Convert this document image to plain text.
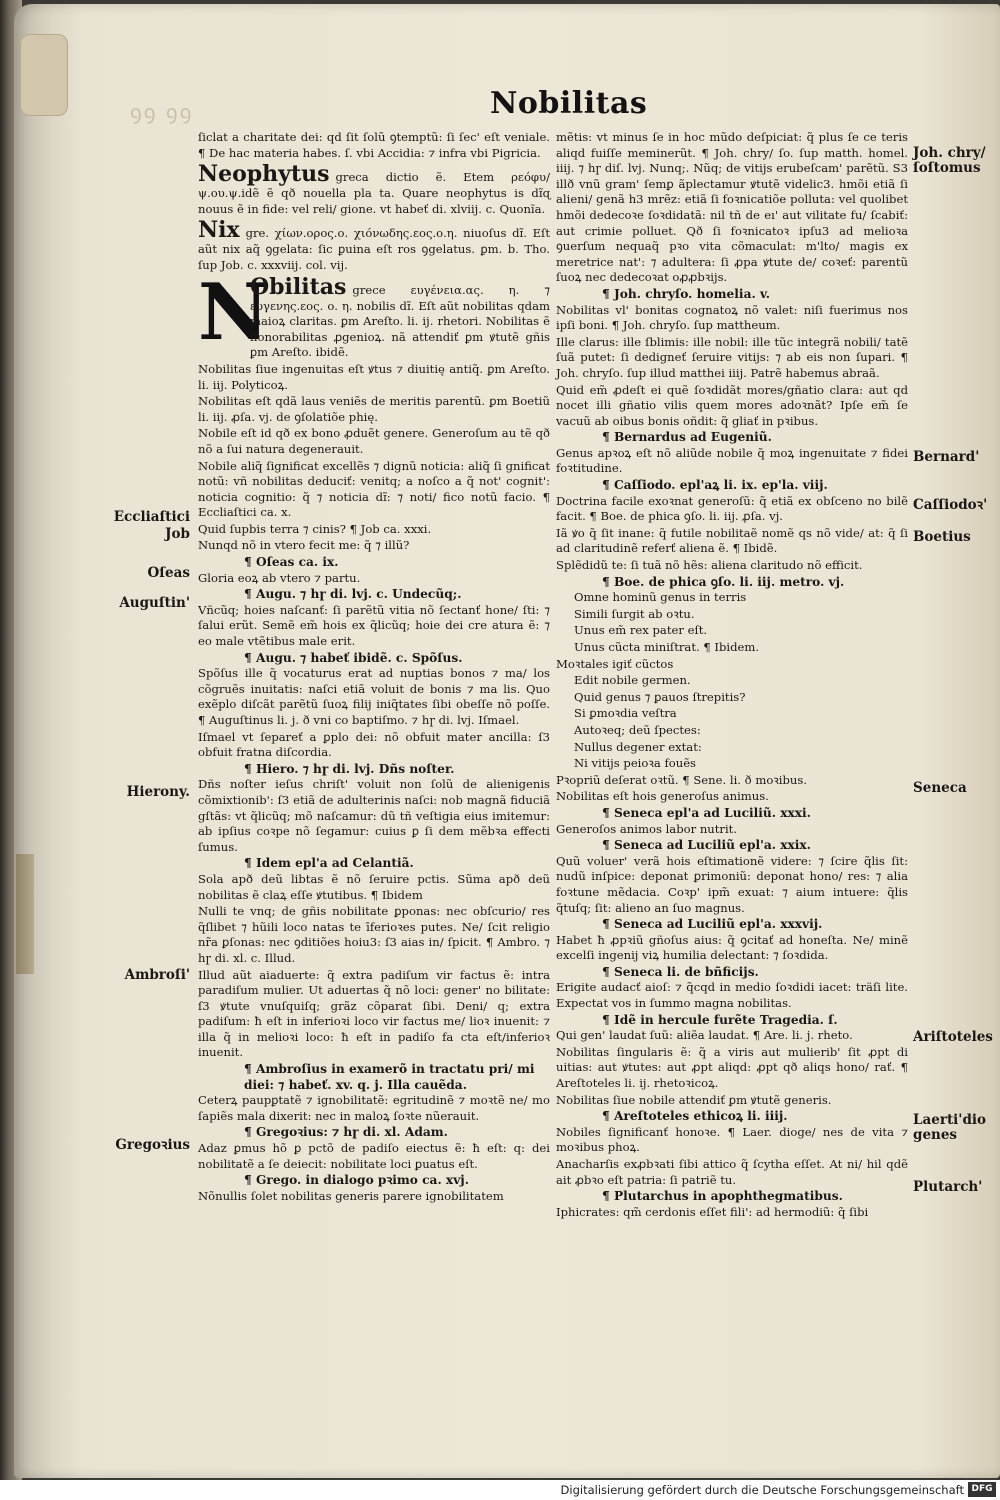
ꝯꝯ ꝯꝯ	Nobilitas
ſiclat a charitate dei: qd ſit ſolũ ꝯtemptũ: ſi ſec' eſt veniale. ¶ De hac materia habes. ſ. vbi Accidia: ⁊ infra vbi Pigricia.
Neophytus greca dictio ẽ. Etem ρεόφυ/ψ.ου.ψ.idẽ ẽ qð nouella pla ta. Quare neophytus is dɪ̃ɋ nouus ẽ in fide: vel reli/ gione. vt habeť di. xlviij. c. Quonĩa.
Nix gre. χίων.ορος.ο. χιόνωδης.εος.ο.η. niuoſus dɪ̃. Eſt aũt nix aq̃ ꝯgelata: ſic ꝑuina eſt ros ꝯgelatus. ꝑm. b. Tho. ſup Job. c. xxxviij. col. vij.
N
Obilitas grece ευγένεια.ας. η. ⁊ ευγενης.εος. ο. η. nobilis dɪ̃. Eſt aũt nobilitas qdam maioꝝ claritas. ꝑm Areſto. li. ij. rhetori. Nobilitas ẽ honorabilitas ꝓgenioꝝ. nã attendiť ꝑm ꝟtutẽ gñis ꝑm Areſto. ibidẽ.
Nobilitas ſiue ingenuitas eſt ꝟtus ⁊ diuitię antiq̃. ꝑm Areſto. li. iij. Polyticoꝝ.
Nobilitas eſt qdã laus veniẽs de meritis parentũ. ꝑm Boetiũ li. iij. ꝓſa. vj. de ꝯſolatiõe phię.
Nobile eſt id qð ex bono ꝓduẽt genere. Generoſum au tẽ qð nõ a ſui natura degenerauit.
Nobile aliq̃ ſignificat excellẽs ⁊ dignũ noticia: aliq̃ ſi gnificat notũ: vñ nobilitas deduciť: venitq; a noſco a q̃ not' cognit': noticia cognitio: q̃ ⁊ noticia dɪ̃: ⁊ noti/ fico notũ facio. ¶ Eccliaſtici ca. x.
Quid ſupbis terra ⁊ cinis? ¶ Job ca. xxxi.
Nunqd nõ in vtero fecit me: q̃ ⁊ illũ?
¶ Oſeas ca. ix.
Gloria eoꝝ ab vtero ⁊ partu.
¶ Augu. ⁊ hɼ di. lvj. c. Undecũq;.
Vñcũq; hoies naſcanť: ſi parẽtũ vitia nõ ſectanť hone/ ſti: ⁊ ſalui erũt. Semẽ em̃ hois ex q̃licũq; hoie dei cre atura ẽ: ⁊ eo male vtẽtibus male erit.
¶ Augu. ⁊ habeť ibidẽ. c. Spõſus.
Spõſus ille q̃ vocaturus erat ad nuptias bonos ⁊ ma/ los cõgruẽs inuitatis: naſci etiã voluit de bonis ⁊ ma lis. Quo exẽplo diſcãt parẽtũ ſuoꝝ filij iniq̃tates ſibi obeſſe nõ poſſe. ¶ Auguſtinus li. j. ð vni co baptiſmo. ⁊ hɼ di. lvj. Iſmael.
Iſmael vt ſepareť a ꝑplo dei: nõ obfuit mater ancilla: ſ3 obfuit fratna diſcordia.
¶ Hiero. ⁊ hɼ di. lvj. Dñs noſter.
Dñs noſter ieſus chriſt' voluit non ſolũ de alienigenis cõmixtionib': ſ3 etiã de adulterinis naſci: nob magnã fiduciã gſtãs: vt q̃licũq; mõ naſcamur: dũ tñ veſtigia eius imitemur: ab ipſius coꝛpe nõ ſegamur: cuius ꝑ ſi dem mẽbꝛa effecti ſumus.
¶ Idem epl'a ad Celantiã.
Sola apð deũ libtas ẽ nõ ſeruire pctis. Sũma apð deũ nobilitas ẽ claꝝ eſſe ꝟtutibus. ¶ Ibidem
Nulli te vnq; de gñis nobilitate ꝑponas: nec obſcurio/ res q̃ſlibet ⁊ hũili loco natas te īferioꝛes putes. Ne/ ſcit religio nr̃a ꝑſonas: nec ꝯditiões hoiu3: ſ3 aias in/ ſpicit. ¶ Ambro. ⁊ hɼ di. xl. c. Illud.
Illud aũt aiaduerte: q̃ extra padiſum vir factus ẽ: intra paradiſum mulier. Ut aduertas q̃ nõ loci: gener' no bilitate: ſ3 ꝟtute vnuſquiſq; grãz cõparat ſibi. Deni/ q; extra padiſum: ħ eſt in inferioꝛi loco vir factus me/ lioꝛ inuenit: ⁊ illa q̃ in melioꝛi loco: ħ eſt in padiſo fa cta eſt/inferioꝛ inuenit.
¶ Ambroſius in examerõ in tractatu pri/ mi diei: ⁊ habeť. xv. q. j. Illa cauẽda.
Ceterꝝ paupꝑtatẽ ⁊ ignobilitatẽ: egritudinẽ ⁊ moꝛtẽ ne/ mo ſapiẽs mala dixerit: nec in maloꝝ ſoꝛte nũerauit.
¶ Gregoꝛius: ⁊ hɼ di. xl. Adam.
Adaz ꝑmus hõ ꝑ pctõ de padiſo eiectus ẽ: ħ eſt: q: dei nobilitatẽ a ſe deiecit: nobilitate loci ꝑuatus eſt.
¶ Grego. in dialogo pꝛimo ca. xvj.
Nõnullis ſolet nobilitas generis parere ignobilitatem
mẽtis: vt minus ſe in hoc mũdo deſpiciat: q̃ plus ſe ce teris aliqd fuiſſe meminerũt. ¶ Joh. chry/ ſo. ſup matth. homel. iiij. ⁊ hɼ diſ. lvj. Nunq;. Nũq; de vitijs erubeſcam' parẽtũ. S3 illð vnũ gram' ſemꝑ ãplectamur ꝟtutẽ videlic3. hmõi etiã ſi alieni/ genã h3 mrẽz: etiã ſi foꝛnicatiõe polluta: vel quolibet hmõi dedecoꝛe ſoꝛdidatã: nil tñ de eı' aut vilitate fu/ ſcabiť: aut crimie polluet. Qð ſi foꝛnicatoꝛ ipſu3 ad melioꝛa ꝯuerſum nequaq̃ pꝛo vita cõmaculat: m'lto/ magis ex meretrice nat': ⁊ adultera: ſi ꝓpa ꝟtute de/ coꝛeť: parentũ ſuoꝝ nec dedecoꝛat oꝓꝓbꝛijs.
¶ Joh. chryſo. homelia. v.
Nobilitas vl' bonitas cognatoꝝ nõ valet: niſi fuerimus nos ipſi boni. ¶ Joh. chryſo. ſup mattheum.
Ille clarus: ille ſblimis: ille nobil: ille tũc integrã nobili/ tatẽ ſuã putet: ſi dedigneť ſeruire vitijs: ⁊ ab eis non ſupari. ¶ Joh. chryſo. ſup illud matthei iiij. Patrẽ habemus abraã.
Quid em̃ ꝓdeſt ei quẽ ſoꝛdidãt mores/gñatio clara: aut qd nocet illi gñatio vilis quem mores adoꝛnãt? Ipſe em̃ ſe vacuũ ab oibus bonis oñdit: q̃ gliať in pꝛibus.
¶ Bernardus ad Eugeniũ.
Genus apꝛoꝝ eſt nõ aliũde nobile q̃ moꝝ ingenuitate ⁊ fidei foꝛtitudine.
¶ Caſſiodo. epl'aꝝ li. ix. ep'la. viij.
Doctrina facile exoꝛnat generoſũ: q̃ etiã ex obſceno no bilẽ facit. ¶ Boe. de phica ꝯſo. li. iij. ꝓſa. vj.
Iã ꝟo q̃ ſit inane: q̃ futile nobilitaẽ nomẽ qs nõ vide/ at: q̃ ſi ad claritudinẽ referť aliena ẽ. ¶ Ibidẽ.
Splẽdidũ te: ſi tuã nõ hẽs: aliena claritudo nõ efficit.
¶ Boe. de phica ꝯſo. li. iij. metro. vj.
Omne hominũ genus in terris
Simili ſurgit ab oꝛtu.
Unus em̃ rex pater eſt.
Unus cũcta miniſtrat. ¶ Ibidem.
Moꝛtales igiť cũctos
Edit nobile germen.
Quid genus ⁊ ꝑauos ſtrepitis?
Si ꝑmoꝛdia veſtra
Autoꝛeq; deũ ſpectes:
Nullus degener extat:
Ni vitijs peioꝛa fouẽs
Pꝛopriũ deſerat oꝛtũ. ¶ Sene. li. ð moꝛibus.
Nobilitas eſt hois generoſus animus.
¶ Seneca epl'a ad Luciliũ. xxxi.
Generoſos animos labor nutrit.
¶ Seneca ad Luciliũ epl'a. xxix.
Quũ voluer' verã hois eſtimationẽ videre: ⁊ ſcire q̃lis ſit: nudũ inſpice: deponat ꝑrimoniũ: deponat hono/ res: ⁊ alia foꝛtune mẽdacia. Coꝛp' ipm̃ exuat: ⁊ aium intuere: q̃lis q̃tuſq; ſit: alieno an ſuo magnus.
¶ Seneca ad Luciliũ epl'a. xxxvij.
Habet ħ ꝓpꝛiũ gñoſus aius: q̃ ꝯcitať ad honeſta. Ne/ minẽ excelſi ingenij viꝝ humilia delectant: ⁊ ſoꝛdida.
¶ Seneca li. de bñficijs.
Erigite audacť aioſ: ⁊ q̃cqd in medio ſoꝛdidi iacet: träſi lite. Expectat vos in ſummo magna nobilitas.
¶ Idẽ in hercule furẽte Tragedia. ſ.
Qui gen' laudat ſuũ: aliẽa laudat. ¶ Are. li. j. rheto.
Nobilitas ſingularis ẽ: q̃ a viris aut mulierib' ſit ꝓpt di uitias: aut ꝟtutes: aut ꝓpt aliqd: ꝓpt qð aliqs hono/ rať. ¶ Areſtoteles li. ij. rhetoꝛicoꝝ.
Nobilitas ſiue nobile attendiť ꝑm ꝟtutẽ generis.
¶ Areſtoteles ethicoꝝ li. iiij.
Nobiles ſignificanť honoꝛe. ¶ Laer. dioge/ nes de vita ⁊ moꝛibus phoꝝ.
Anacharſis exꝓbꝛati ſibi attico q̃ ſcytha eſſet. At ni/ hil qdẽ ait ꝓbꝛo eſt patria: ſi patriẽ tu.
¶ Plutarchus in apophthegmatibus.
Iphicrates: qm̃ cerdonis eſſet fili': ad hermodiũ: q̃ ſibi
Eccliaſtici
Job
Oſeas
Auguſtin'
Hierony.
Ambroſi'
Gregoꝛius
Joh. chry/ ſoſtomus
Bernard'
Caſſiodoꝛ'
Boetius
Seneca
Ariſtoteles
Laerti'dio genes
Plutarch'
Digitalisierung gefördert durch die Deutsche Forschungsgemeinschaft DFG
